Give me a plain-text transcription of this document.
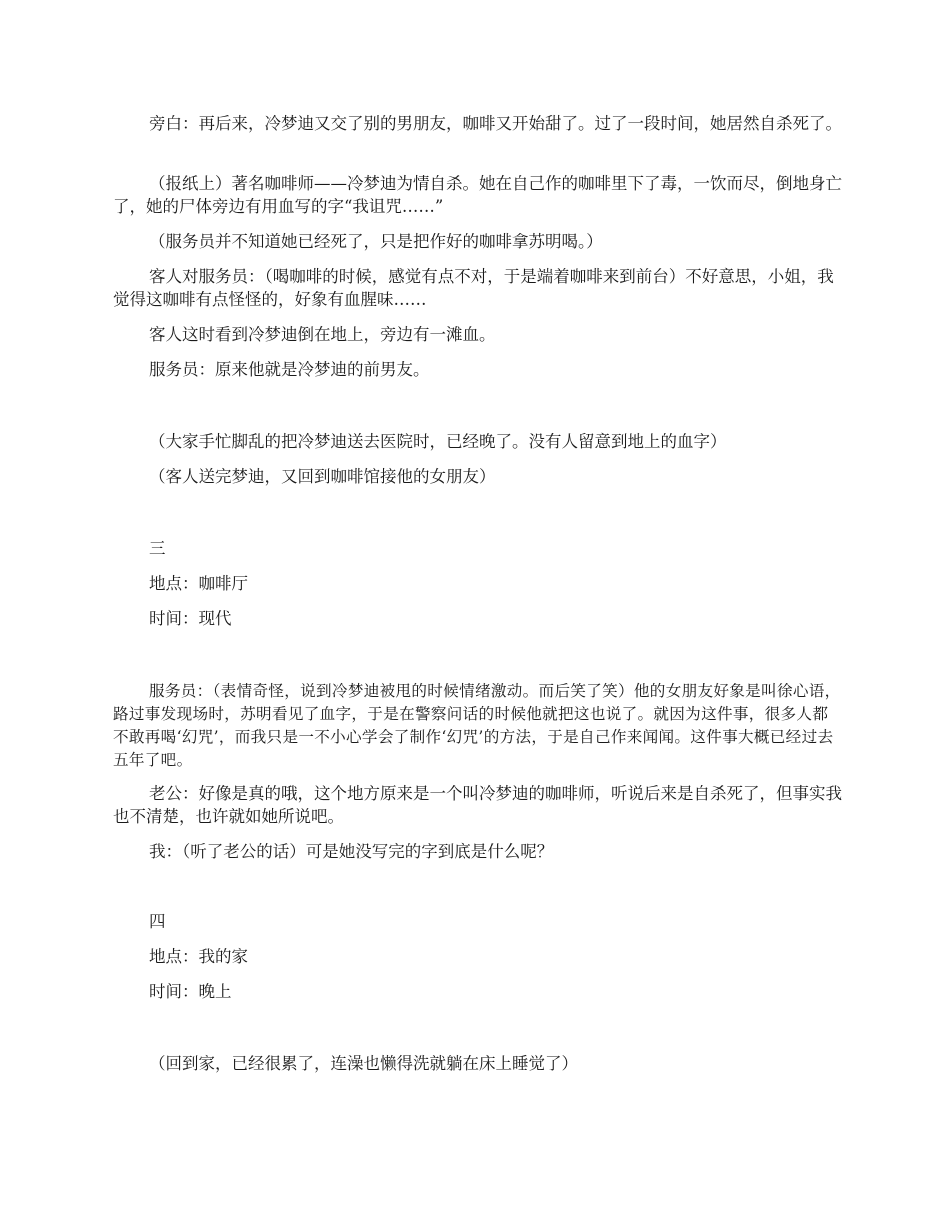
旁白：再后来，冷梦迪又交了别的男朋友，咖啡又开始甜了。过了一段时间，她居然自杀死了。

（报纸上）著名咖啡师——冷梦迪为情自杀。她在自己作的咖啡里下了毒，一饮而尽，倒地身亡了，她的尸体旁边有用血写的字“我诅咒……”

（服务员并不知道她已经死了，只是把作好的咖啡拿苏明喝。）

客人对服务员：（喝咖啡的时候，感觉有点不对，于是端着咖啡来到前台）不好意思，小姐，我觉得这咖啡有点怪怪的，好象有血腥味……

客人这时看到冷梦迪倒在地上，旁边有一滩血。

服务员：原来他就是冷梦迪的前男友。

（大家手忙脚乱的把冷梦迪送去医院时，已经晚了。没有人留意到地上的血字）

（客人送完梦迪，又回到咖啡馆接他的女朋友）

三

地点：咖啡厅

时间：现代

服务员：（表情奇怪，说到冷梦迪被甩的时候情绪激动。而后笑了笑）他的女朋友好象是叫徐心语，路过事发现场时，苏明看见了血字，于是在警察问话的时候他就把这也说了。就因为这件事，很多人都不敢再喝‘幻咒’，而我只是一不小心学会了制作‘幻咒’的方法，于是自己作来闻闻。这件事大概已经过去五年了吧。

老公：好像是真的哦，这个地方原来是一个叫冷梦迪的咖啡师，听说后来是自杀死了，但事实我也不清楚，也许就如她所说吧。

我：（听了老公的话）可是她没写完的字到底是什么呢？

四

地点：我的家

时间：晚上

（回到家，已经很累了，连澡也懒得洗就躺在床上睡觉了）
